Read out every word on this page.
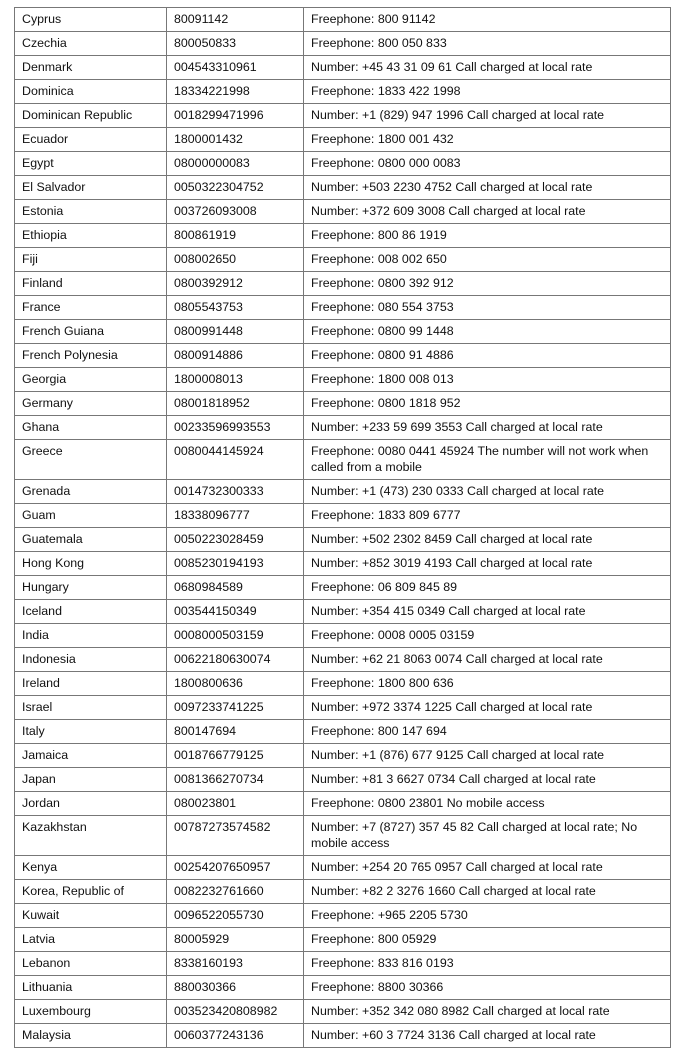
Cyprus	80091142	Freephone: 800 91142
Czechia	800050833	Freephone: 800 050 833
Denmark	004543310961	Number: +45 43 31 09 61 Call charged at local rate
Dominica	18334221998	Freephone: 1833 422 1998
Dominican Republic	0018299471996	Number: +1 (829) 947 1996 Call charged at local rate
Ecuador	1800001432	Freephone: 1800 001 432
Egypt	08000000083	Freephone: 0800 000 0083
El Salvador	0050322304752	Number: +503 2230 4752 Call charged at local rate
Estonia	003726093008	Number: +372 609 3008 Call charged at local rate
Ethiopia	800861919	Freephone: 800 86 1919
Fiji	008002650	Freephone: 008 002 650
Finland	0800392912	Freephone: 0800 392 912
France	0805543753	Freephone: 080 554 3753
French Guiana	0800991448	Freephone: 0800 99 1448
French Polynesia	0800914886	Freephone: 0800 91 4886
Georgia	1800008013	Freephone: 1800 008 013
Germany	08001818952	Freephone: 0800 1818 952
Ghana	00233596993553	Number: +233 59 699 3553 Call charged at local rate
Greece	0080044145924	Freephone: 0080 0441 45924 The number will not work when called from a mobile
Grenada	0014732300333	Number: +1 (473) 230 0333 Call charged at local rate
Guam	18338096777	Freephone: 1833 809 6777
Guatemala	0050223028459	Number: +502 2302 8459 Call charged at local rate
Hong Kong	0085230194193	Number: +852 3019 4193 Call charged at local rate
Hungary	0680984589	Freephone: 06 809 845 89
Iceland	003544150349	Number: +354 415 0349 Call charged at local rate
India	0008000503159	Freephone: 0008 0005 03159
Indonesia	00622180630074	Number: +62 21 8063 0074 Call charged at local rate
Ireland	1800800636	Freephone: 1800 800 636
Israel	0097233741225	Number: +972 3374 1225 Call charged at local rate
Italy	800147694	Freephone: 800 147 694
Jamaica	0018766779125	Number: +1 (876) 677 9125 Call charged at local rate
Japan	0081366270734	Number: +81 3 6627 0734 Call charged at local rate
Jordan	080023801	Freephone: 0800 23801 No mobile access
Kazakhstan	00787273574582	Number: +7 (8727) 357 45 82 Call charged at local rate; No mobile access
Kenya	00254207650957	Number: +254 20 765 0957 Call charged at local rate
Korea, Republic of	0082232761660	Number: +82 2 3276 1660 Call charged at local rate
Kuwait	0096522055730	Freephone: +965 2205 5730
Latvia	80005929	Freephone: 800 05929
Lebanon	8338160193	Freephone: 833 816 0193
Lithuania	880030366	Freephone: 8800 30366
Luxembourg	003523420808982	Number: +352 342 080 8982 Call charged at local rate
Malaysia	0060377243136	Number: +60 3 7724 3136 Call charged at local rate
